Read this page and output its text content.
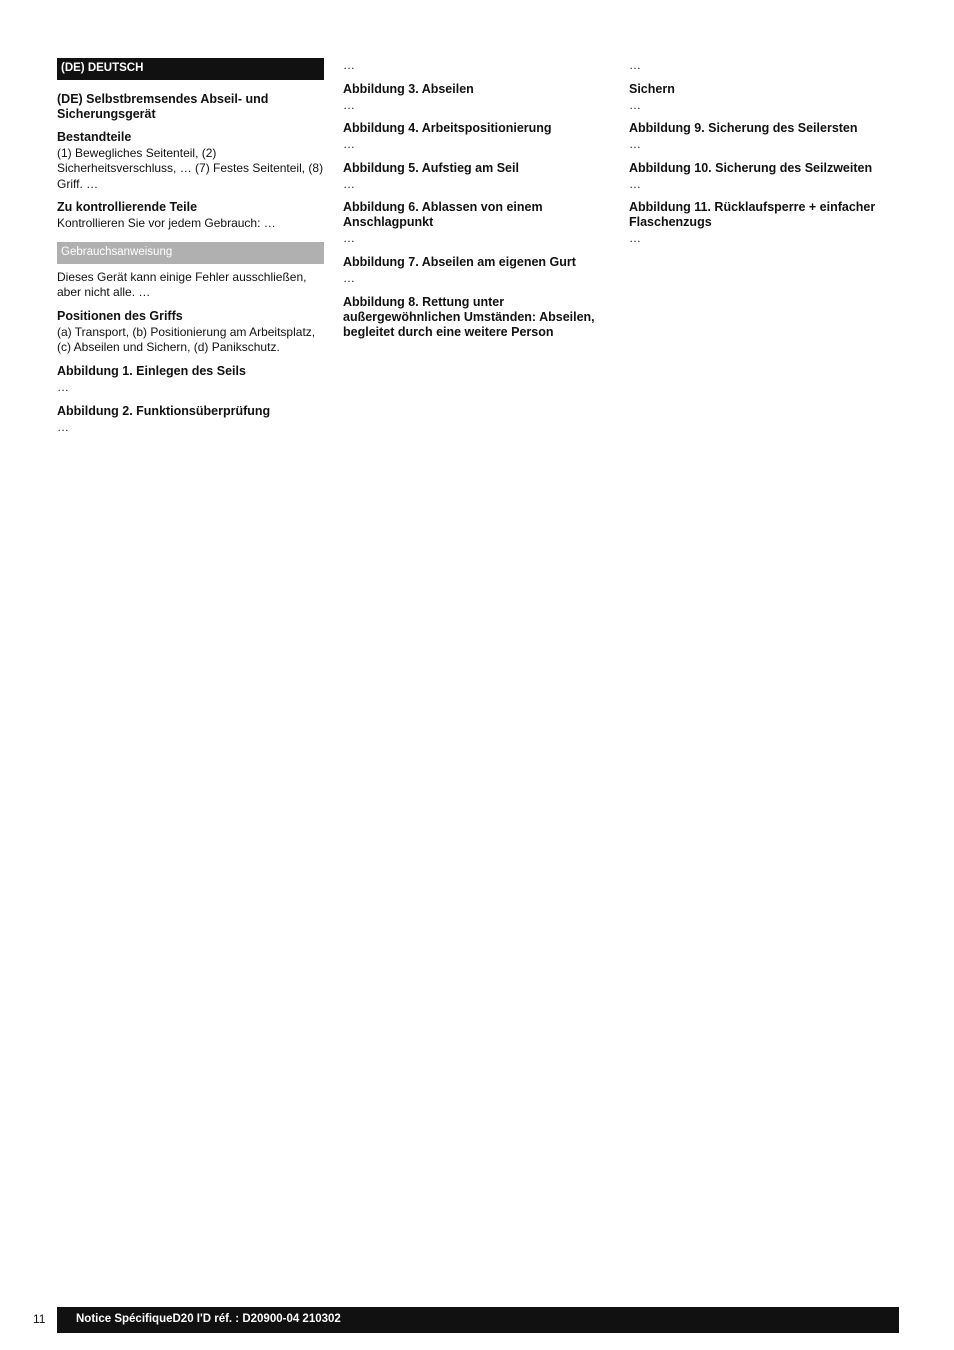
(DE) DEUTSCH
(DE) Selbstbremsendes Abseil- und Sicherungsgerät
Bestandteile

(1) Bewegliches Seitenteil, (2) Sicherheitsverschluss, … (7) Festes Seitenteil, (8) Griff. …

Zu kontrollierende Teile

Kontrollieren Sie vor jedem Gebrauch: …

Gebrauchsanweisung

Dieses Gerät kann einige Fehler ausschließen, aber nicht alle. …

Positionen des Griffs

(a) Transport, (b) Positionierung am Arbeitsplatz, (c) Abseilen und Sichern, (d) Panikschutz.

Abbildung 1. Einlegen des Seils

…

Abbildung 2. Funktionsüberprüfung

…

…

Abbildung 3. Abseilen

…

Abbildung 4. Arbeitspositionierung

…

Abbildung 5. Aufstieg am Seil

…

Abbildung 6. Ablassen von einem Anschlagpunkt

…

Abbildung 7. Abseilen am eigenen Gurt

…

Abbildung 8. Rettung unter außergewöhnlichen Umständen: Abseilen, begleitet durch eine weitere Person

…

Sichern

…

Abbildung 9. Sicherung des Seilersten

…

Abbildung 10. Sicherung des Seilzweiten

…

Abbildung 11. Rücklaufsperre + einfacher Flaschenzugs

…

11	Notice SpécifiqueD20 I'D réf. : D20900-04 210302
